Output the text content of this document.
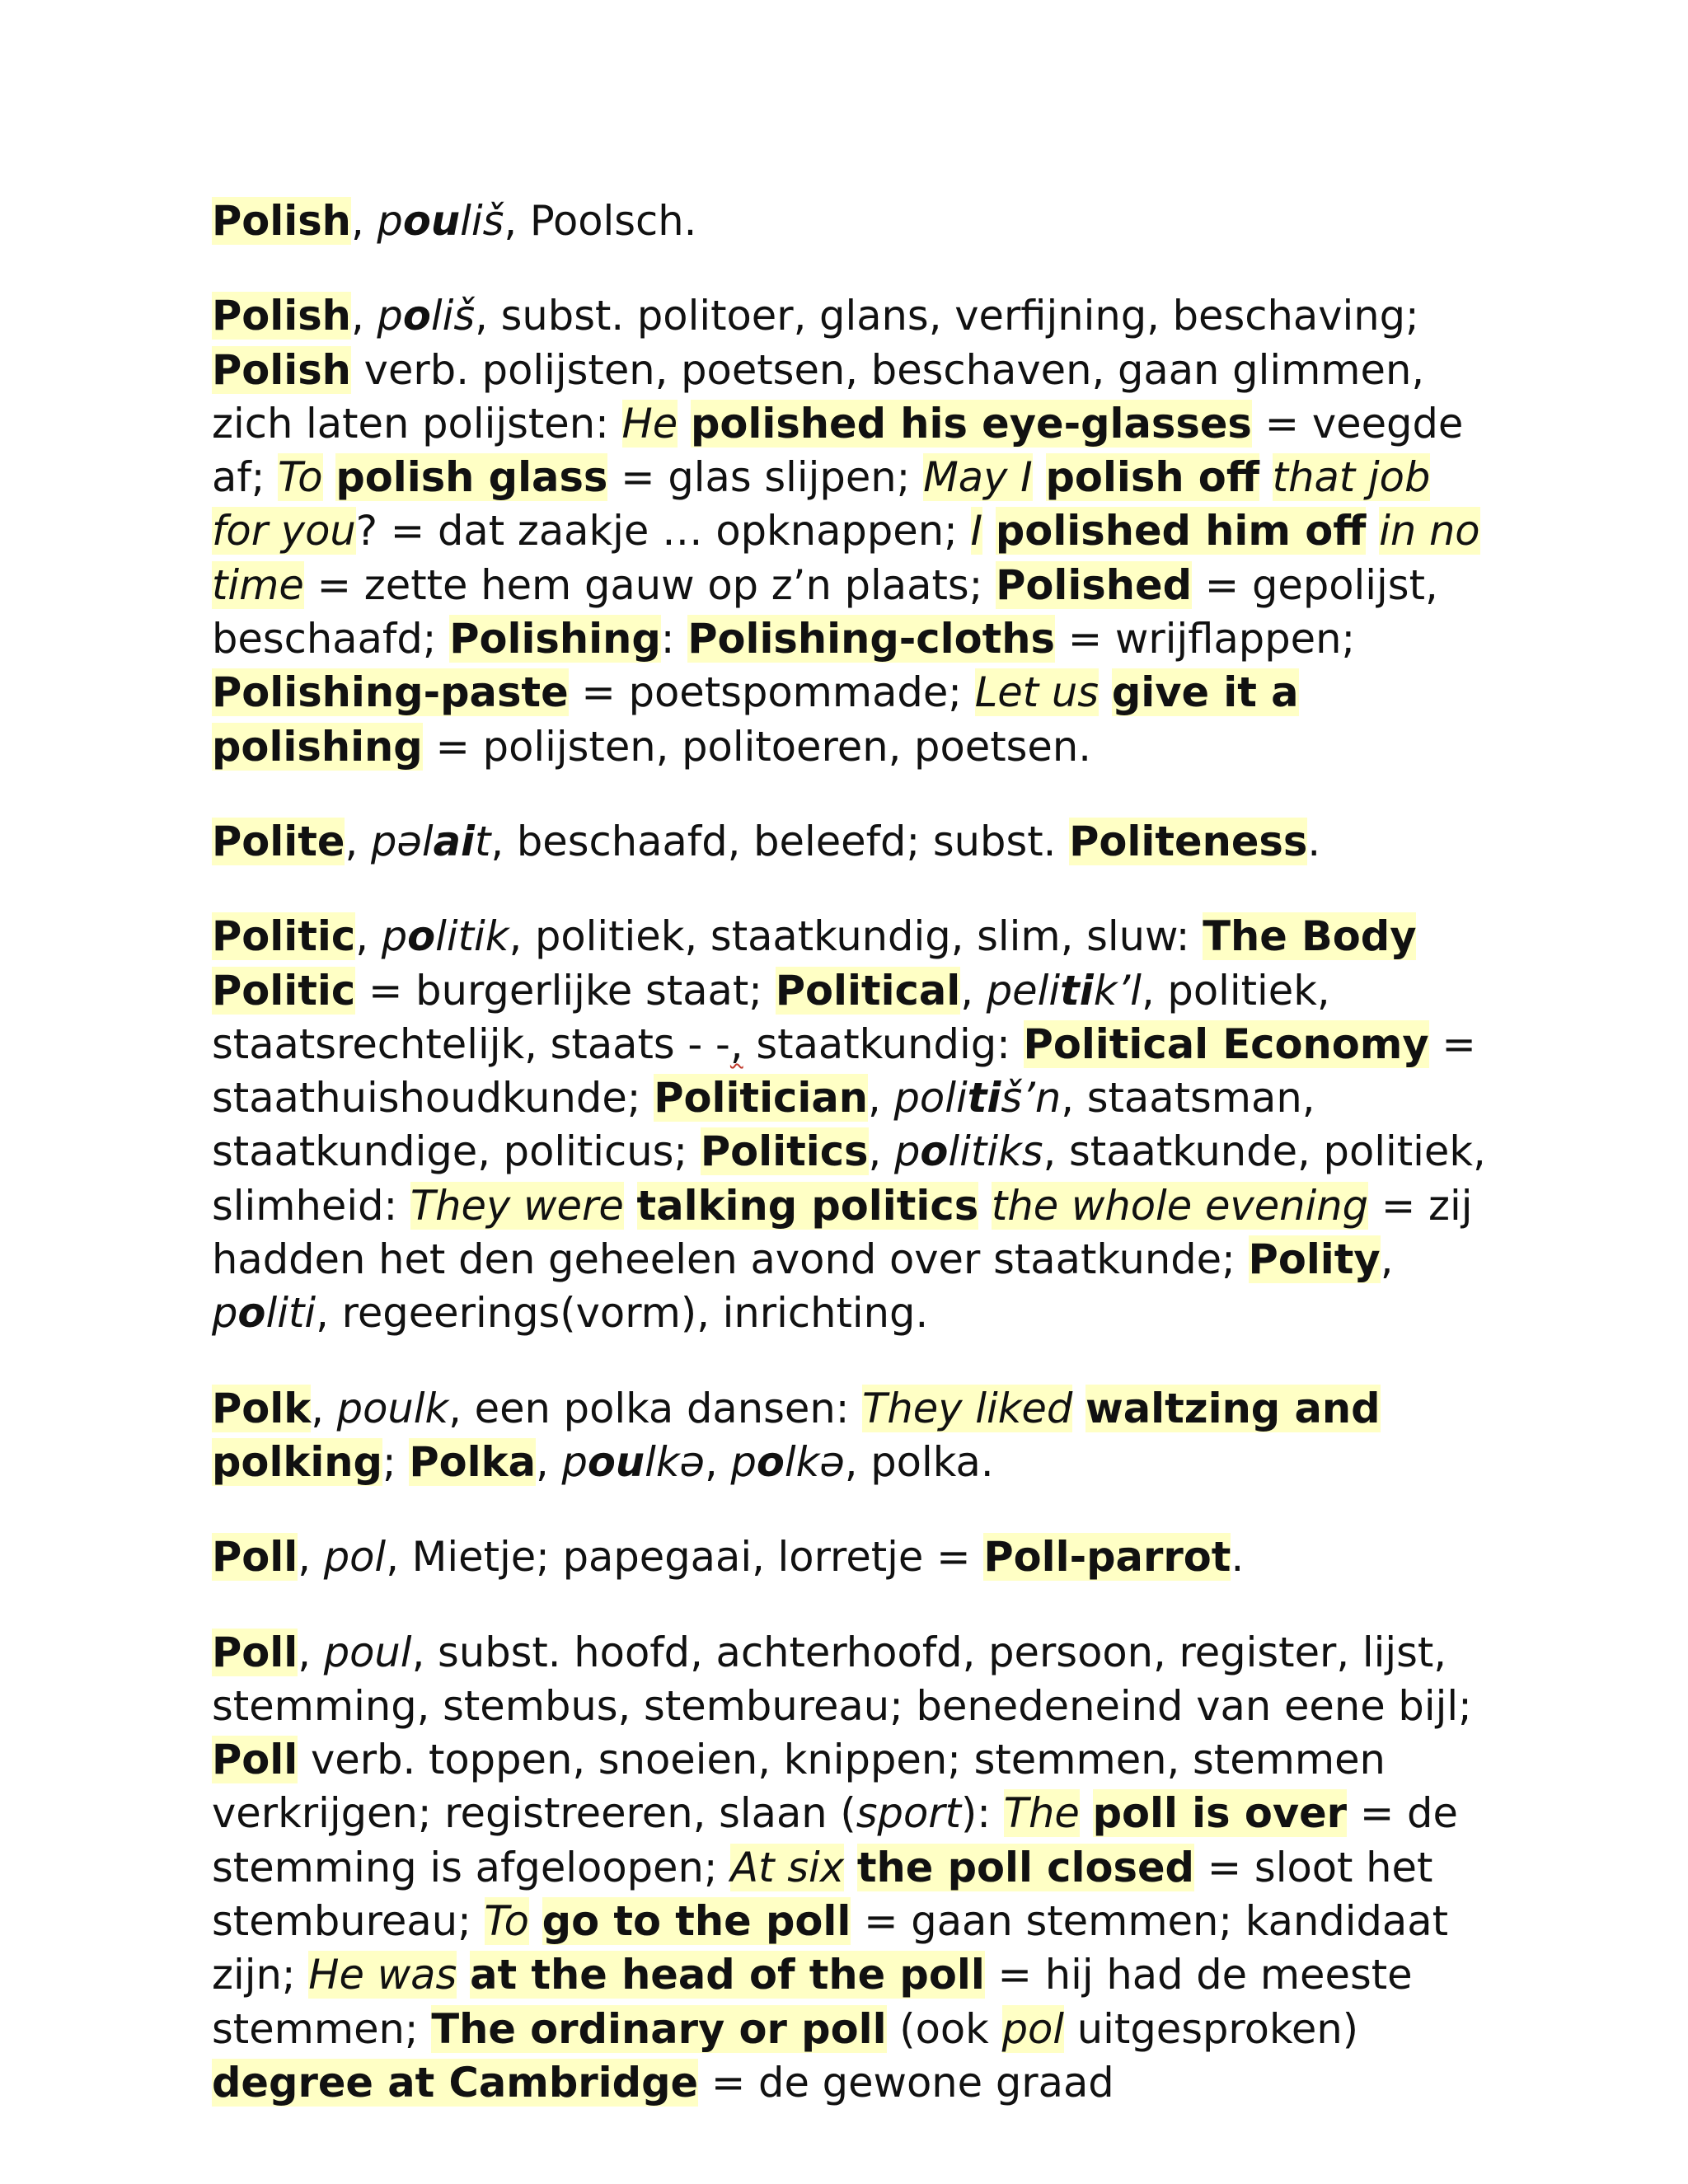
Polish, pouliš, Poolsch.

Polish, poliš, subst. politoer, glans, verfijning, beschaving; Polish verb. polijsten, poetsen, beschaven, gaan glimmen, zich laten polijsten: He polished his eye-glasses = veegde af; To polish glass = glas slijpen; May I polish off that job for you? = dat zaakje … opknappen; I polished him off in no time = zette hem gauw op z’n plaats; Polished = gepolijst, beschaafd; Polishing: Polishing-cloths = wrijflappen; Polishing-paste = poetspommade; Let us give it a polishing = polijsten, politoeren, poetsen.

Polite, pəlait, beschaafd, beleefd; subst. Politeness.

Politic, politik, politiek, staatkundig, slim, sluw: The Body Politic = burgerlijke staat; Political, pelitik’l, politiek, staatsrechtelijk, staats - -, staatkundig: Political Economy = staathuishoudkunde; Politician, politiš’n, staatsman, staatkundige, politicus; Politics, politiks, staatkunde, politiek, slimheid: They were talking politics the whole evening = zij hadden het den geheelen avond over staatkunde; Polity, politi, regeerings(vorm), inrichting.

Polk, poulk, een polka dansen: They liked waltzing and polking; Polka, poulkə, polkə, polka.

Poll, pol, Mietje; papegaai, lorretje = Poll-parrot.

Poll, poul, subst. hoofd, achterhoofd, persoon, register, lijst, stemming, stembus, stembureau; benedeneind van eene bijl; Poll verb. toppen, snoeien, knippen; stemmen, stemmen verkrijgen; registreeren, slaan (sport): The poll is over = de stemming is afgeloopen; At six the poll closed = sloot het stembureau; To go to the poll = gaan stemmen; kandidaat zijn; He was at the head of the poll = hij had de meeste stemmen; The ordinary or poll (ook pol uitgesproken) degree at Cambridge = de gewone graad
